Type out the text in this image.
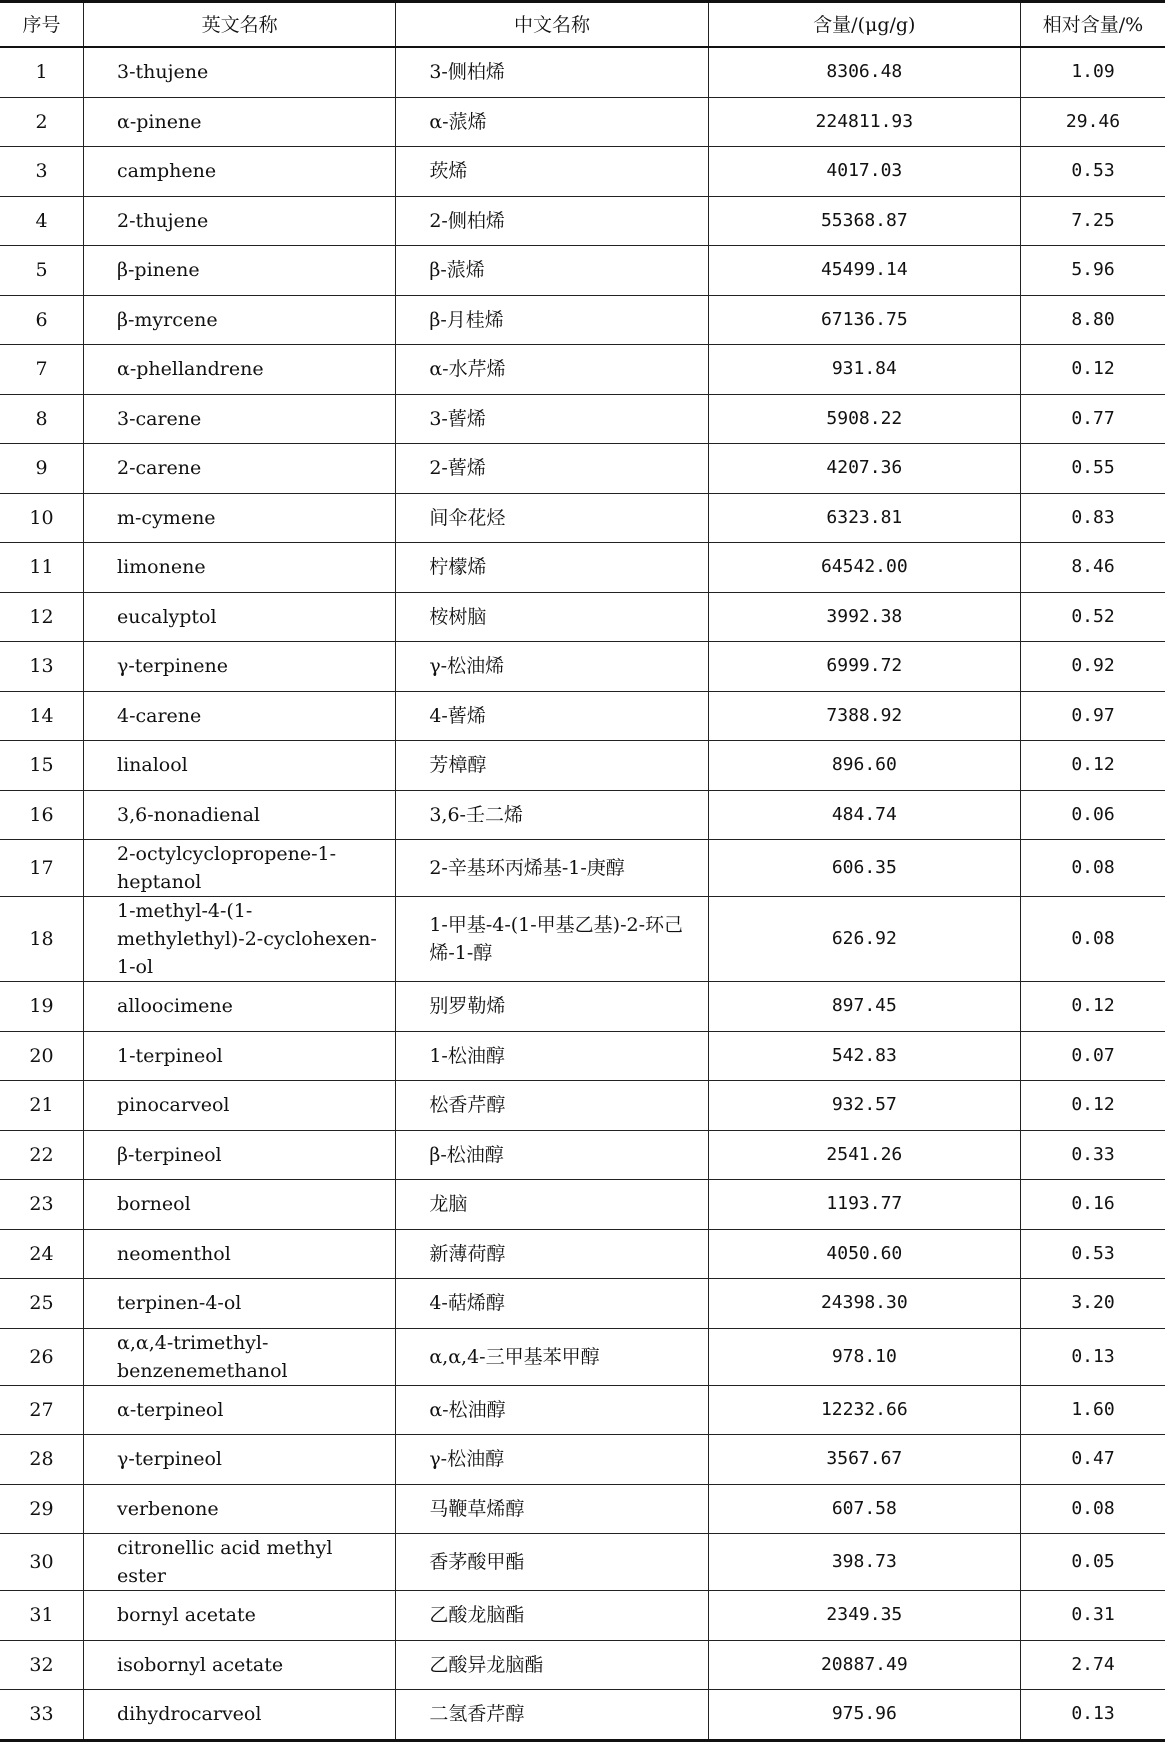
序号	英文名称	中文名称	含量/(μg/g)	相对含量/%
1	3-thujene	3-侧柏烯	8306.48	1.09
2	α-pinene	α-蒎烯	224811.93	29.46
3	camphene	莰烯	4017.03	0.53
4	2-thujene	2-侧柏烯	55368.87	7.25
5	β-pinene	β-蒎烯	45499.14	5.96
6	β-myrcene	β-月桂烯	67136.75	8.80
7	α-phellandrene	α-水芹烯	931.84	0.12
8	3-carene	3-蒈烯	5908.22	0.77
9	2-carene	2-蒈烯	4207.36	0.55
10	m-cymene	间伞花烃	6323.81	0.83
11	limonene	柠檬烯	64542.00	8.46
12	eucalyptol	桉树脑	3992.38	0.52
13	γ-terpinene	γ-松油烯	6999.72	0.92
14	4-carene	4-蒈烯	7388.92	0.97
15	linalool	芳樟醇	896.60	0.12
16	3,6-nonadienal	3,6-壬二烯	484.74	0.06
17	2-octylcyclopropene-1-heptanol	2-辛基环丙烯基-1-庚醇	606.35	0.08
18	1-methyl-4-(1-methylethyl)-2-cyclohexen-1-ol	1-甲基-4-(1-甲基乙基)-2-环己烯-1-醇	626.92	0.08
19	alloocimene	别罗勒烯	897.45	0.12
20	1-terpineol	1-松油醇	542.83	0.07
21	pinocarveol	松香芹醇	932.57	0.12
22	β-terpineol	β-松油醇	2541.26	0.33
23	borneol	龙脑	1193.77	0.16
24	neomenthol	新薄荷醇	4050.60	0.53
25	terpinen-4-ol	4-萜烯醇	24398.30	3.20
26	α,α,4-trimethyl-benzenemethanol	α,α,4-三甲基苯甲醇	978.10	0.13
27	α-terpineol	α-松油醇	12232.66	1.60
28	γ-terpineol	γ-松油醇	3567.67	0.47
29	verbenone	马鞭草烯醇	607.58	0.08
30	citronellic acid methyl ester	香茅酸甲酯	398.73	0.05
31	bornyl acetate	乙酸龙脑酯	2349.35	0.31
32	isobornyl acetate	乙酸异龙脑酯	20887.49	2.74
33	dihydrocarveol	二氢香芹醇	975.96	0.13
